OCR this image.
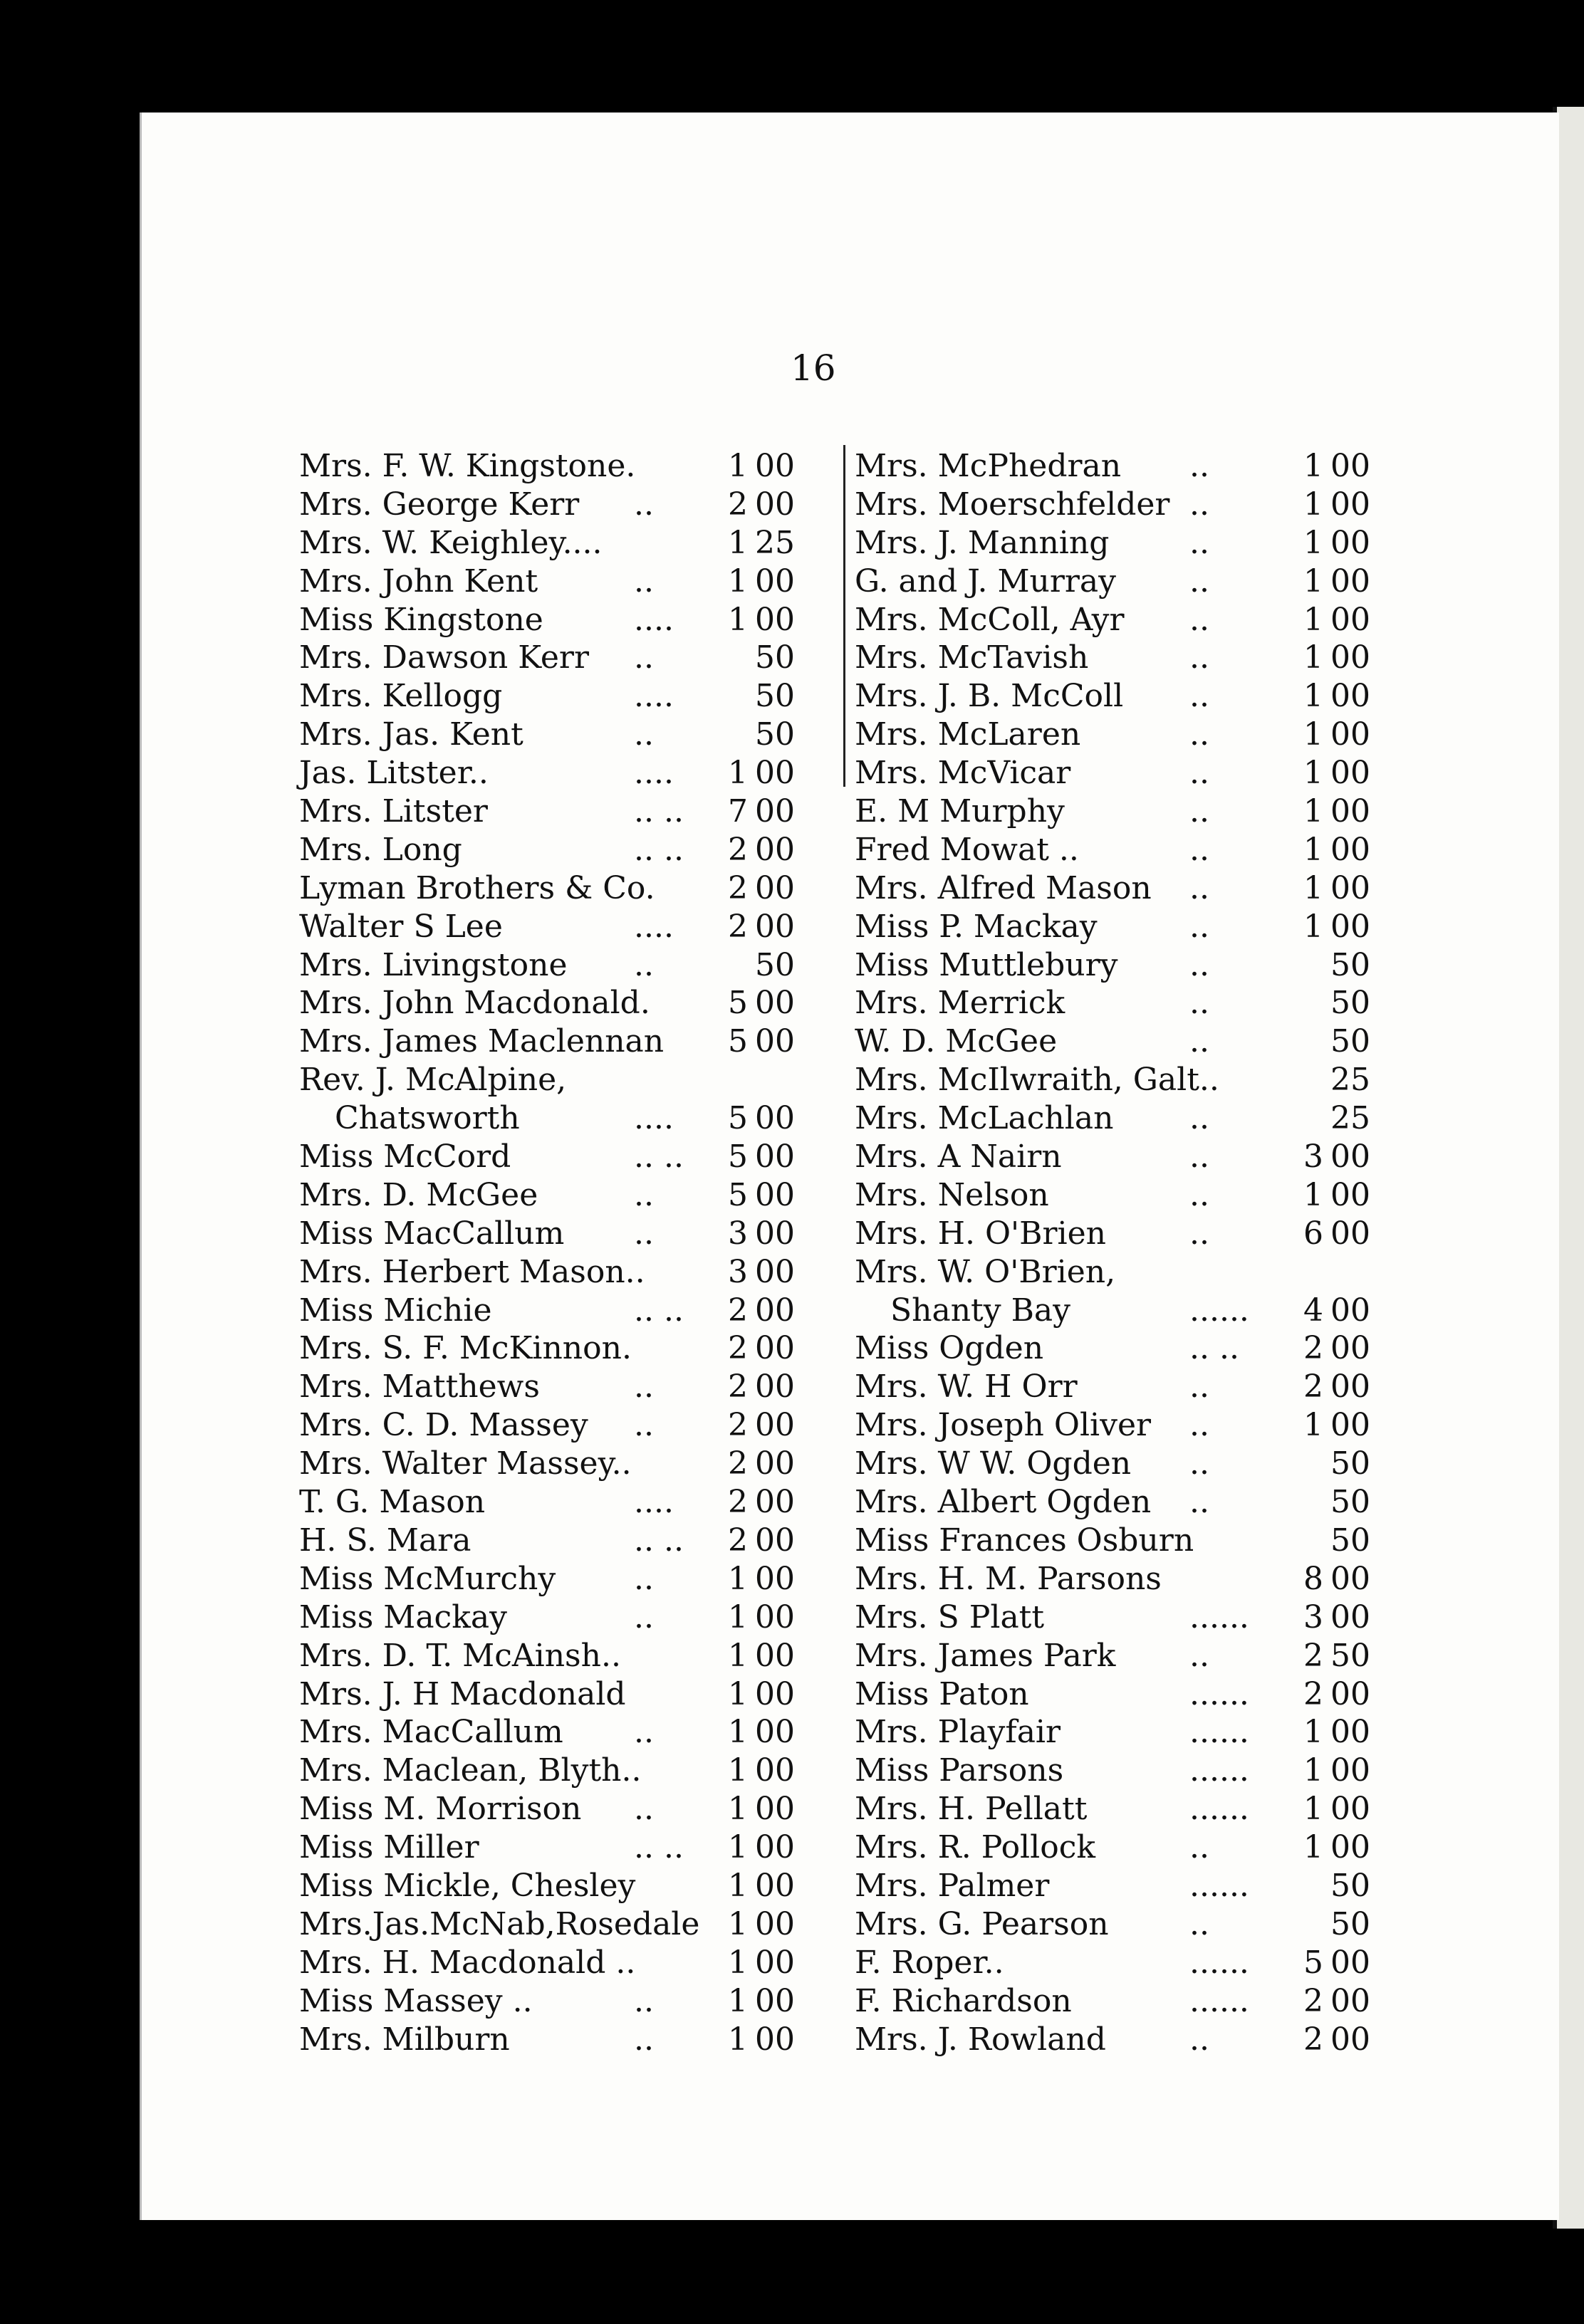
16
Mrs. F. W. Kingstone.	1 00
Mrs. George Kerr .. 2 00
Mrs. W. Keighley....	1 25
Mrs. John Kent	.. 1 00
Miss Kingstone	.... 1 00
Mrs. Dawson Kerr ..	50
Mrs. Kellogg	....	50
Mrs. Jas. Kent	..	50
Jas. Litster..	.... 1 00
Mrs. Litster	.. .. 7 00
Mrs. Long	.. .. 2 00
Lyman Brothers & Co. 2 00
Walter S Lee	.... 2 00
Mrs. Livingstone ..	50
Mrs. John Macdonald. 5 00
Mrs. James Maclennan 5 00
Rev. J. McAlpine,
Chatsworth	.... 5 00
Miss McCord	.. .. 5 00
Mrs. D. McGee	.. 5 00
Miss MacCallum .. 3 00
Mrs. Herbert Mason..	3 00
Miss Michie	.. .. 2 00
Mrs. S. F. McKinnon.	2 00
Mrs. Matthews	.. 2 00
Mrs. C. D. Massey .. 2 00
Mrs. Walter Massey..	2 00
T. G. Mason	.... 2 00
H. S. Mara	.. .. 2 00
Miss McMurchy .. 1 00
Miss Mackay	.. 1 00
Mrs. D. T. McAinsh..	1 00
Mrs. J. H Macdonald	1 00
Mrs. MacCallum .. 1 00
Mrs. Maclean, Blyth..	1 00
Miss M. Morrison .. 1 00
Miss Miller	.. .. 1 00
Miss Mickle, Chesley	1 00
Mrs.Jas.McNab,Rosedale 1 00
Mrs. H. Macdonald ..	1 00
Miss Massey ..	.. 1 00
Mrs. Milburn	.. 1 00
Mrs. McPhedran ..	1 00
Mrs. Moerschfelder ..	1 00
Mrs. J. Manning	..	1 00
G. and J. Murray ..	1 00
Mrs. McColl, Ayr ..	1 00
Mrs. McTavish	..	1 00
Mrs. J. B. McColl ..	1 00
Mrs. McLaren	..	1 00
Mrs. McVicar	..	1 00
E. M Murphy	..	1 00
Fred Mowat ..	..	1 00
Mrs. Alfred Mason ..	1 00
Miss P. Mackay	..	1 00
Miss Muttlebury ..	50
Mrs. Merrick	..	50
W. D. McGee	..	50
Mrs. McIlwraith, Galt..	25
Mrs. McLachlan ..	25
Mrs. A Nairn	..	3 00
Mrs. Nelson	..	1 00
Mrs. H. O'Brien	..	6 00
Mrs. W. O'Brien,
Shanty Bay	...... 4 00
Miss Ogden	.. .. 2 00
Mrs. W. H Orr	..	2 00
Mrs. Joseph Oliver ..	1 00
Mrs. W W. Ogden ..	50
Mrs. Albert Ogden ..	50
Miss Frances Osburn	50
Mrs. H. M. Parsons	8 00
Mrs. S Platt	...... 3 00
Mrs. James Park ..	2 50
Miss Paton	...... 2 00
Mrs. Playfair	...... 1 00
Miss Parsons	...... 1 00
Mrs. H. Pellatt	...... 1 00
Mrs. R. Pollock	..	1 00
Mrs. Palmer	......	50
Mrs. G. Pearson	..	50
F. Roper..	...... 5 00
F. Richardson	...... 2 00
Mrs. J. Rowland	..	2 00
